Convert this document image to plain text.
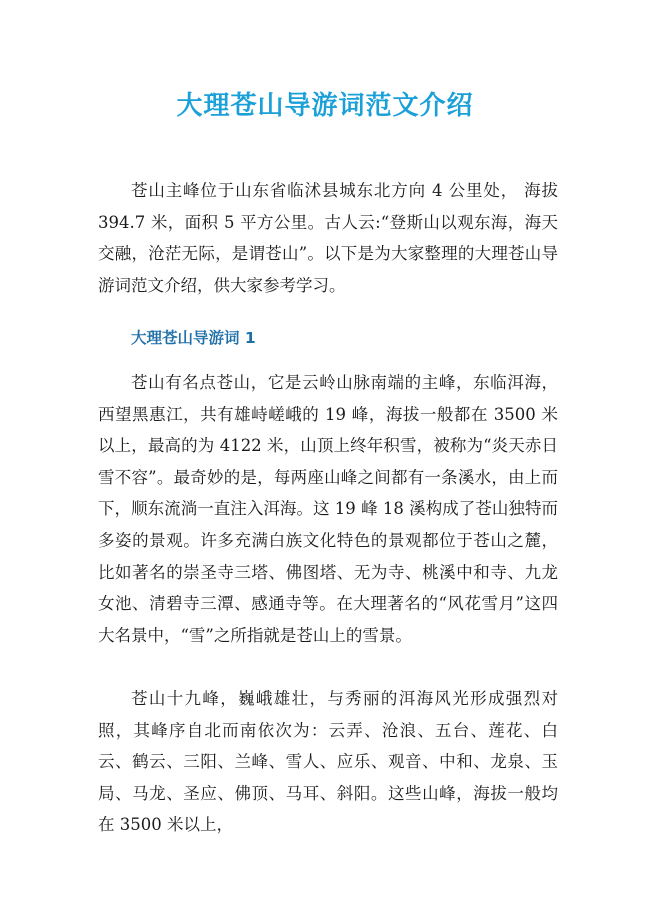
大理苍山导游词范文介绍

苍山主峰位于山东省临沭县城东北方向 4 公里处， 海拔 394.7 米，面积 5 平方公里。古人云:“登斯山以观东海，海天交融，沧茫无际，是谓苍山”。以下是为大家整理的大理苍山导游词范文介绍，供大家参考学习。

大理苍山导游词 1

苍山有名点苍山，它是云岭山脉南端的主峰，东临洱海，西望黑惠江，共有雄峙嵯峨的 19 峰，海拔一般都在 3500 米以上，最高的为 4122 米，山顶上终年积雪，被称为“炎天赤日雪不容”。最奇妙的是，每两座山峰之间都有一条溪水，由上而下，顺东流淌一直注入洱海。这 19 峰 18 溪构成了苍山独特而多姿的景观。许多充满白族文化特色的景观都位于苍山之麓，比如著名的崇圣寺三塔、佛图塔、无为寺、桃溪中和寺、九龙女池、清碧寺三潭、感通寺等。在大理著名的“风花雪月”这四大名景中，“雪”之所指就是苍山上的雪景。

苍山十九峰，巍峨雄壮，与秀丽的洱海风光形成强烈对照，其峰序自北而南依次为：云弄、沧浪、五台、莲花、白云、鹤云、三阳、兰峰、雪人、应乐、观音、中和、龙泉、玉局、马龙、圣应、佛顶、马耳、斜阳。这些山峰，海拔一般均在 3500 米以上，
